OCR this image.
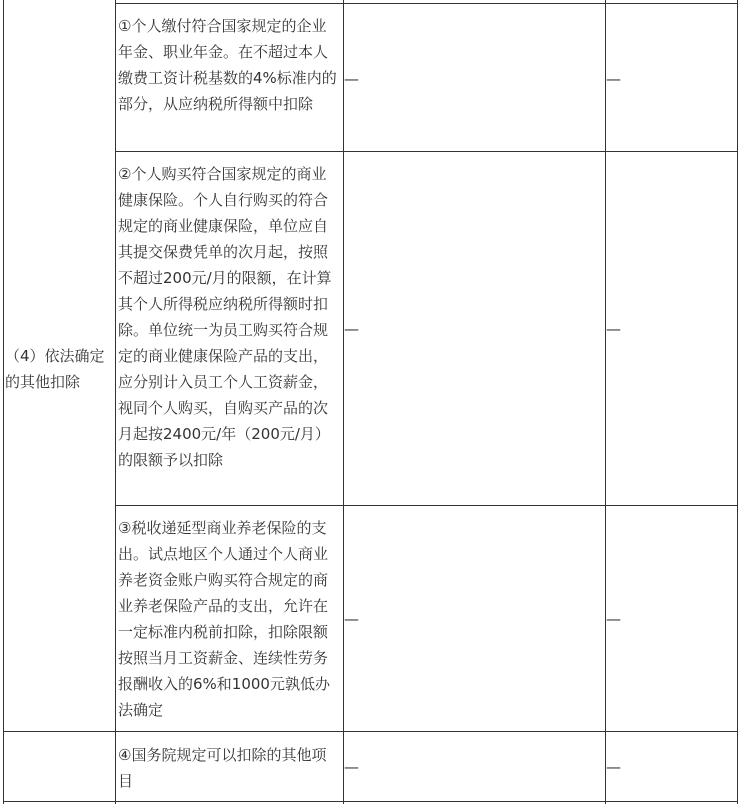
（4）依法确定的其他扣除
①个人缴付符合国家规定的企业年金、职业年金。在不超过本人缴费工资计税基数的4%标准内的部分，从应纳税所得额中扣除
—	—
②个人购买符合国家规定的商业健康保险。个人自行购买的符合规定的商业健康保险，单位应自其提交保费凭单的次月起，按照不超过200元/月的限额，在计算其个人所得税应纳税所得额时扣除。单位统一为员工购买符合规定的商业健康保险产品的支出，应分别计入员工个人工资薪金，视同个人购买，自购买产品的次月起按2400元/年（200元/月）的限额予以扣除
—	—
③税收递延型商业养老保险的支出。试点地区个人通过个人商业养老资金账户购买符合规定的商业养老保险产品的支出，允许在一定标准内税前扣除，扣除限额按照当月工资薪金、连续性劳务报酬收入的6%和1000元孰低办法确定
—	—
④国务院规定可以扣除的其他项目
—	—
